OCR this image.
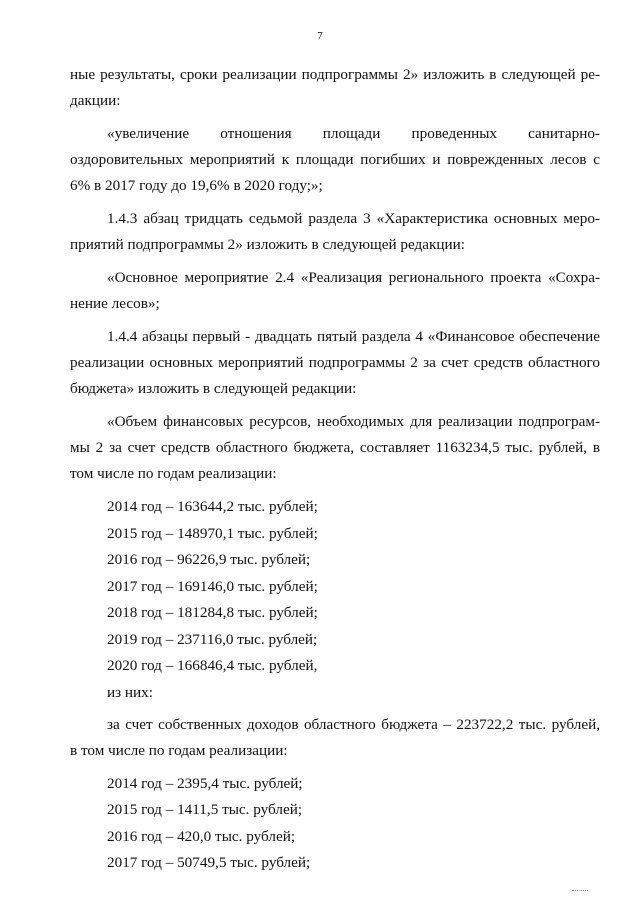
7

ные результаты, сроки реализации подпрограммы 2» изложить в следующей ре-
дакции:

«увеличение отношения площади проведенных санитарно-
оздоровительных мероприятий к площади погибших и поврежденных лесов с
6% в 2017 году до 19,6% в 2020 году;»;

1.4.3 абзац тридцать седьмой раздела 3 «Характеристика основных меро-
приятий подпрограммы 2» изложить в следующей редакции:

«Основное мероприятие 2.4 «Реализация регионального проекта «Сохра-
нение лесов»;

1.4.4 абзацы первый - двадцать пятый раздела 4 «Финансовое обеспечение
реализации основных мероприятий подпрограммы 2 за счет средств областного
бюджета» изложить в следующей редакции:

«Объем финансовых ресурсов, необходимых для реализации подпрограм-
мы 2 за счет средств областного бюджета, составляет 1163234,5 тыс. рублей, в
том числе по годам реализации:

2014 год – 163644,2 тыс. рублей;

2015 год – 148970,1 тыс. рублей;

2016 год – 96226,9 тыс. рублей;

2017 год – 169146,0 тыс. рублей;

2018 год – 181284,8 тыс. рублей;

2019 год – 237116,0 тыс. рублей;

2020 год – 166846,4 тыс. рублей,

из них:

за счет собственных доходов областного бюджета – 223722,2 тыс. рублей,
в том числе по годам реализации:

2014 год – 2395,4 тыс. рублей;

2015 год – 1411,5 тыс. рублей;

2016 год – 420,0 тыс. рублей;

2017 год – 50749,5 тыс. рублей;
